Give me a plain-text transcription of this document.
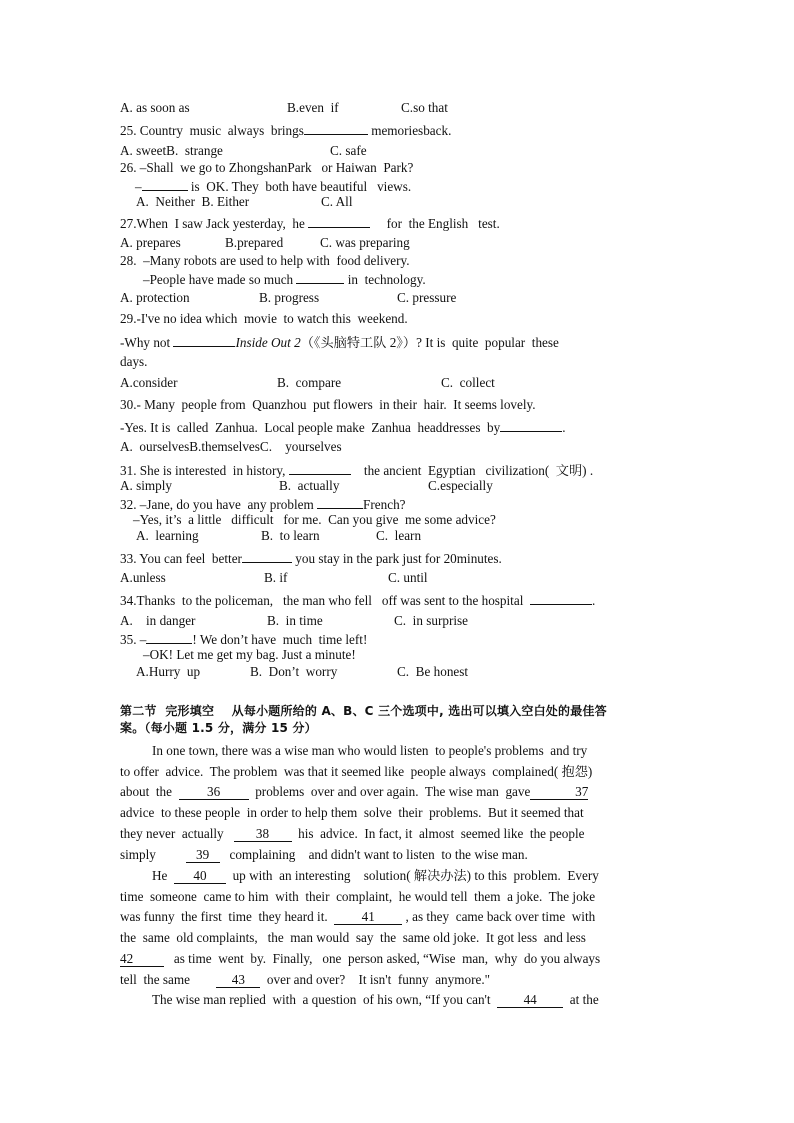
A. as soon as	B.even  if	C.so that
25. Country  music  always  brings	memoriesback.
A. sweetB.  strange	C. safe
26. –Shall  we go to ZhongshanPark   or Haiwan  Park?
–	is  OK. They  both have beautiful   views.
A.  Neither  B. Either	C. All
27.When  I saw Jack yesterday,  he	for  the English   test.
A. prepares	B.prepared	C. was preparing
28.  –Many robots are used to help with  food delivery.
–People have made so much	in  technology.
A. protection	B. progress	C. pressure
29.-I've no idea which  movie  to watch this  weekend.
-Why not	Inside Out 2（《头脑特工队 2》）? It is  quite  popular  these
days.
A.consider	B.  compare	C.  collect
30.- Many  people from  Quanzhou  put flowers  in their  hair.  It seems lovely.
-Yes. It is  called  Zanhua.  Local people make  Zanhua  headdresses  by	.
A.  ourselvesB.themselvesC.    yourselves
31. She is interested  in history,	the ancient  Egyptian   civilization(  文明) .
A. simply	B.  actually	C.especially
32. –Jane, do you have  any problem	French?
–Yes, it’s  a little   difficult   for me.  Can you give  me some advice?
A.  learning	B.  to learn	C.  learn
33. You can feel  better	you stay in the park just for 20minutes.
A.unless	B. if	C. until
34.Thanks  to the policeman,   the man who fell   off was sent to the hospital	.
A.    in danger	B.  in time	C.  in surprise
35. –	! We don’t have  much  time left!
–OK! Let me get my bag. Just a minute!
A.Hurry  up	B.  Don’t  worry	C.  Be honest
第二节  完形填空    从每小题所给的 A、B、C 三个选项中, 选出可以填入空白处的最佳答
案。（每小题 1.5 分，满分 15 分）
In one town, there was a wise man who would listen  to people's problems  and try
to offer  advice.  The problem  was that it seemed like  people always  complained( 抱怨)
about  the	36	problems  over and over again.  The wise man  gave	37
advice  to these people  in order to help them  solve  their  problems.  But it seemed that
they never  actually 38 his  advice.  In fact, it  almost  seemed like  the people
simply	39 complaining    and didn't want to listen  to the wise man.
He 40 up with  an interesting    solution( 解决办法) to this  problem.  Every
time  someone  came to him  with  their  complaint,  he would tell  them  a joke.  The joke
was funny  the first  time  they heard it.	41 , as they  came back over time  with
the  same  old complaints,   the  man would  say  the  same old joke.  It got less  and less
42	as time  went  by.  Finally,   one  person asked, “Wise  man,  why  do you always
tell  the same	43 over and over?    It isn't  funny  anymore."
The wise man replied  with  a question  of his own, “If you can't	44	at the
